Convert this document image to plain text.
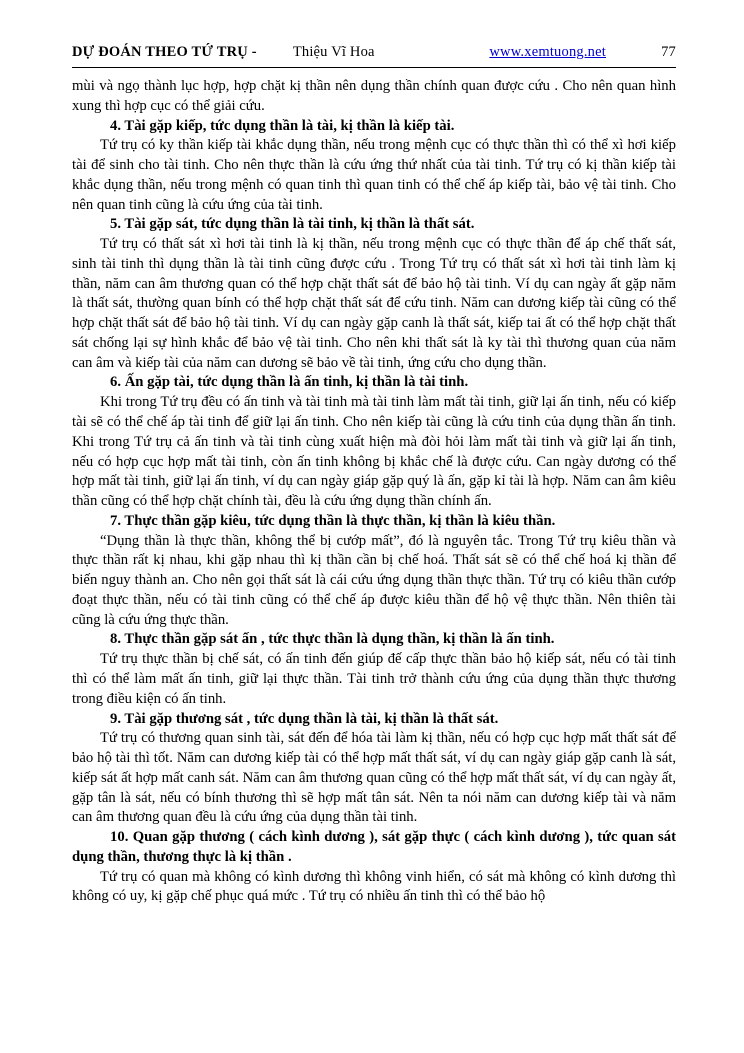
DỰ ĐOÁN THEO TỨ TRỤ - Thiệu Vĩ Hoa	www.xemtuong.net	77

mùi và ngọ thành lục hợp, hợp chặt kị thần nên dụng thần chính quan được cứu . Cho nên quan hình xung thì hợp cục có thể giải cứu.

4. Tài gặp kiếp, tức dụng thần là tài, kị thần là kiếp tài.

Tứ trụ có ky thần kiếp tài khắc dụng thần, nếu trong mệnh cục có thực thần thì có thể xì hơi kiếp tài để sinh cho tài tinh. Cho nên thực thần là cứu ứng thứ nhất của tài tinh. Tứ trụ có kị thần kiếp tài khắc dụng thần, nếu trong mệnh có quan tinh thì quan tinh có thể chế áp kiếp tài, bảo vệ tài tinh. Cho nên quan tinh cũng là cứu ứng của tài tinh.

5. Tài gặp sát, tức dụng thần là tài tinh, kị thần là thất sát.

Tứ trụ có thất sát xì hơi tài tinh là kị thần, nếu trong mệnh cục có thực thần để áp chế thất sát, sinh tài tinh thì dụng thần là tài tinh cũng được cứu . Trong Tứ trụ có thất sát xì hơi tài tinh làm kị thần, năm can âm thương quan có thể hợp chặt thất sát để bảo hộ tài tinh. Ví dụ can ngày ất gặp năm là thất sát, thường quan bính có thể hợp chặt thất sát để cứu tinh. Năm can dương kiếp tài cũng có thể hợp chặt thất sát để bảo hộ tài tinh. Ví dụ can ngày gặp canh là thất sát, kiếp tai ất có thể hợp chặt thất sát chống lại sự hình khắc để bảo vệ tài tinh. Cho nên khi thất sát là ky tài thì thương quan của năm can âm và kiếp tài của năm can dương sẽ bảo về tài tinh, ứng cứu cho dụng thần.

6. Ấn gặp tài, tức dụng thần là ấn tinh, kị thần là tài tinh.

Khi trong Tứ trụ đều có ấn tinh và tài tinh mà tài tinh làm mất tài tinh, giữ lại ấn tinh, nếu có kiếp tài sẽ có thể chế áp tài tinh để giữ lại ấn tinh. Cho nên kiếp tài cũng là cứu tinh của dụng thần ấn tinh. Khi trong Tứ trụ cả ấn tinh và tài tinh cùng xuất hiện mà đòi hỏi làm mất tài tinh và giữ lại ấn tinh, nếu có hợp cục hợp mất tài tinh, còn ấn tinh không bị khắc chế là được cứu. Can ngày dương có thể hợp mất tài tinh, giữ lại ấn tinh, ví dụ can ngày giáp gặp quý là ấn, gặp kỉ tài là hợp. Năm can âm kiêu thần cũng có thể hợp chặt chính tài, đều là cứu ứng dụng thần chính ấn.

7. Thực thần gặp kiêu, tức dụng thần là thực thần, kị thần là kiêu thần.

“Dụng thần là thực thần, không thể bị cướp mất”, đó là nguyên tắc. Trong Tứ trụ kiêu thần và thực thần rất kị nhau, khi gặp nhau thì kị thần cần bị chế hoá. Thất sát sẽ có thể chế hoá kị thần để biến nguy thành an. Cho nên gọi thất sát là cái cứu ứng dụng thần thực thần. Tứ trụ có kiêu thần cướp đoạt thực thần, nếu có tài tinh cũng có thể chế áp được kiêu thần để hộ vệ thực thần. Nên thiên tài cũng là cứu ứng thực thần.

8. Thực thần gặp sát ấn , tức thực thần là dụng thần, kị thần là ấn tinh.

Tứ trụ thực thần bị chế sát, có ấn tinh đến giúp đế cấp thực thần bảo hộ kiếp sát, nếu có tài tinh thì có thể làm mất ấn tinh, giữ lại thực thần. Tài tinh trở thành cứu ứng của dụng thần thực thương trong điều kiện có ấn tinh.

9. Tài gặp thương sát , tức dụng thần là tài, kị thần là thất sát.

Tứ trụ có thương quan sinh tài, sát đến để hóa tài làm kị thần, nếu có hợp cục hợp mất thất sát để bảo hộ tài thì tốt. Năm can dương kiếp tài có thể hợp mất thất sát, ví dụ can ngày giáp gặp canh là sát, kiếp sát ất hợp mất canh sát. Năm can âm thương quan cũng có thể hợp mất thất sát, ví dụ can ngày ất, gặp tân là sát, nếu có bính thương thì sẽ hợp mất tân sát. Nên ta nói năm can dương kiếp tài và năm can âm thương quan đều là cứu ứng của dụng thần tài tinh.

10. Quan gặp thương ( cách kình dương ), sát gặp thực ( cách kình dương ), tức quan sát dụng thần, thương thực là kị thần .

Tứ trụ có quan mà không có kình dương thì không vinh hiển, có sát mà không có kình dương thì không có uy, kị gặp chế phục quá mức . Tứ trụ có nhiều ấn tinh thì có thể bảo hộ
